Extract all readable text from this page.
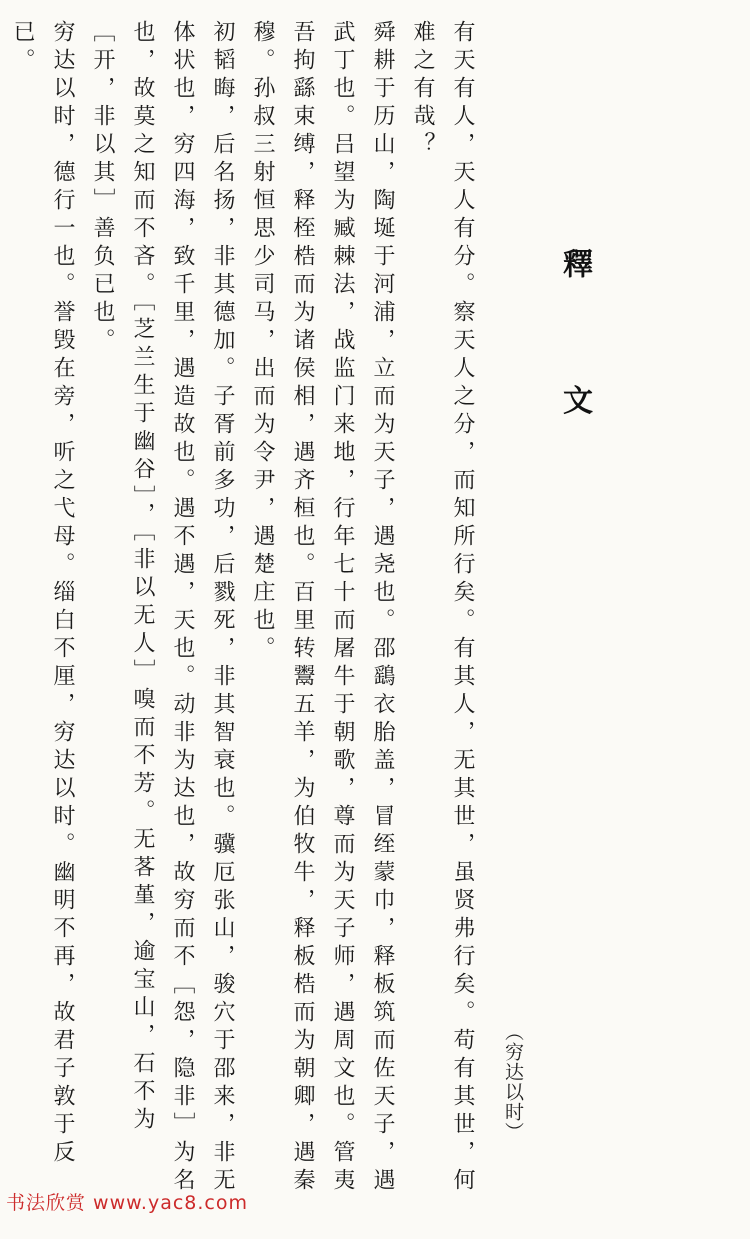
釋 文
（穷达以时）

有天有人，天人有分。察天人之分，而知所行矣。有其人，无其世，虽贤弗行矣。苟有其世，何难之有哉？

舜耕于历山，陶埏于河浦，立而为天子，遇尧也。邵鷂衣胎盖，冒绖蒙巾，释板筑而佐天子，遇武丁也。吕望为臧棘法，战监门来地，行年七十而屠牛于朝歌，尊而为天子师，遇周文也。管夷吾拘繇束缚，释桎梏而为诸侯相，遇齐桓也。百里转鬻五羊，为伯牧牛，释板梏而为朝卿，遇秦穆。孙叔三射恒思少司马，出而为令尹，遇楚庄也。

初韬晦，后名扬，非其德加。子胥前多功，后戮死，非其智衰也。骥厄张山，骏穴于邵来，非无体状也，穷四海，致千里，遇造故也。遇不遇，天也。动非为达也，故穷而不［怨，隐非］为名也，故莫之知而不吝。［芝兰生于幽谷］，［非以无人］嗅而不芳。无茖堇，逾宝山，石不为［开，非以其］善负已也。

穷达以时，德行一也。誉毁在旁，听之弋母。缁白不厘，穷达以时。幽明不再，故君子敦于反已。

书法欣赏 www.yac8.com
